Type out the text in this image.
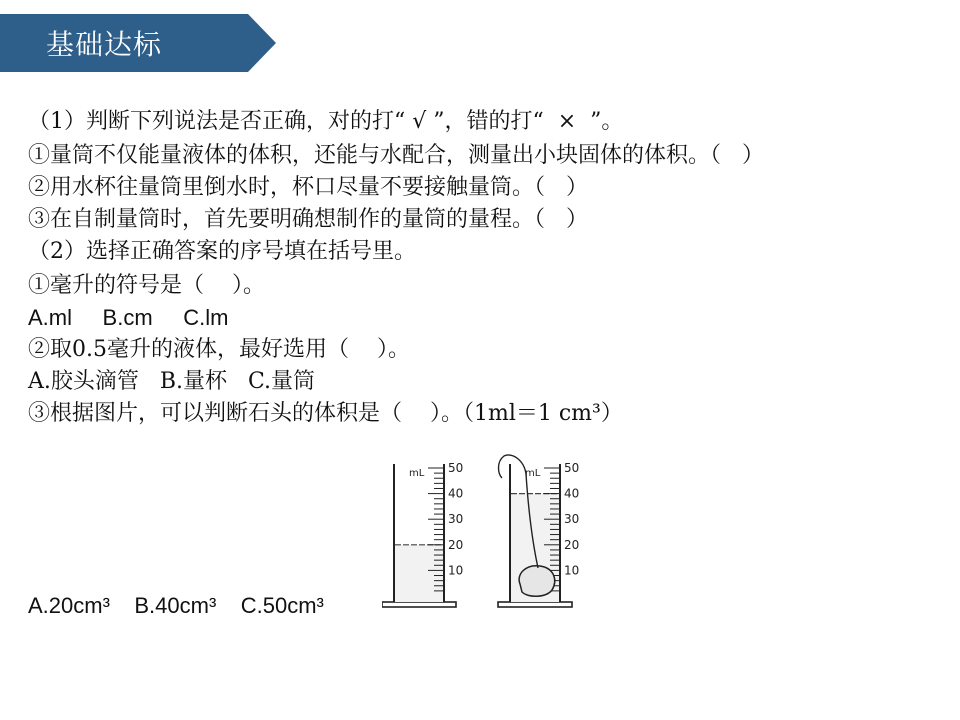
基础达标
（1）判断下列说法是否正确，对的打“ √ ”，错的打“  ×  ”。
①量筒不仅能量液体的体积，还能与水配合，测量出小块固体的体积。（   ）
②用水杯往量筒里倒水时，杯口尽量不要接触量筒。（   ）
③在自制量筒时，首先要明确想制作的量筒的量程。（   ）
（2）选择正确答案的序号填在括号里。
①毫升的符号是（    ）。
A.ml     B.cm     C.lm
②取0.5毫升的液体，最好选用（    ）。
A.胶头滴管   B.量杯   C.量筒
③根据图片，可以判断石头的体积是（    ）。（1ml＝1 cm³）
A.20cm³    B.40cm³    C.50cm³
mL 50
40
30
20
10
mL 50
40
30
20
10
